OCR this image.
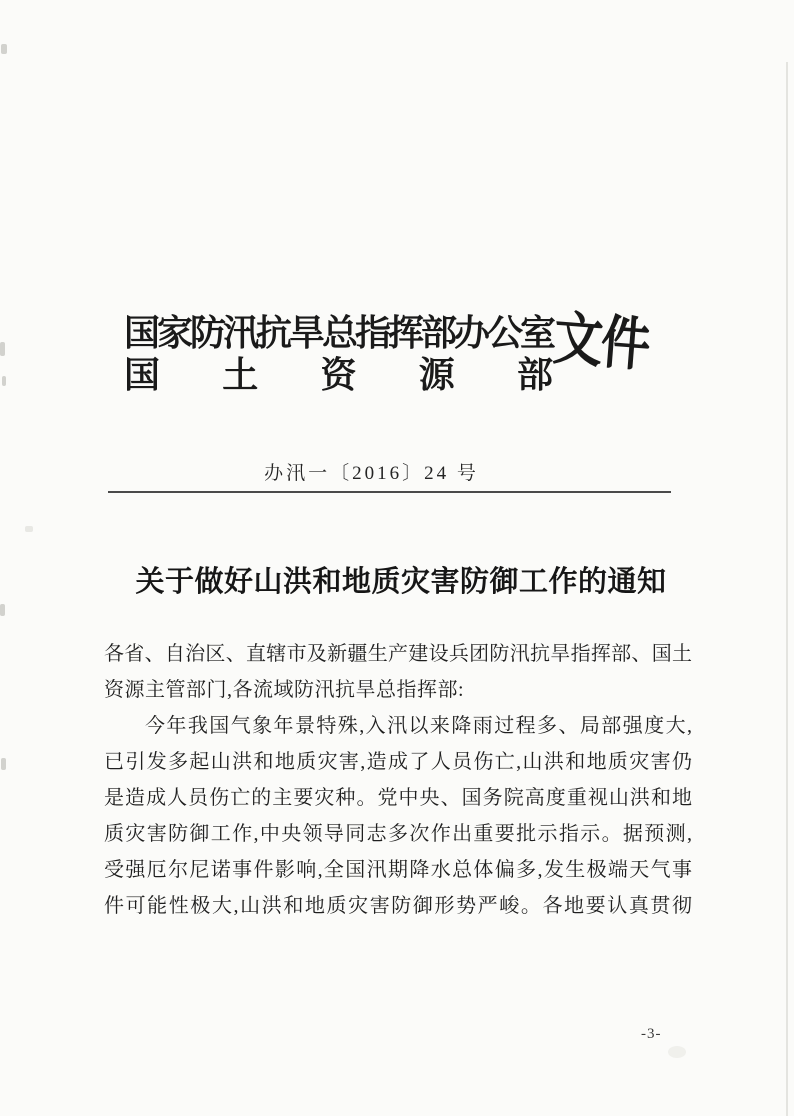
国家防汛抗旱总指挥部办公室
国 土 资 源 部
文件
办汛一〔2016〕24 号
关于做好山洪和地质灾害防御工作的通知
各省、自治区、直辖市及新疆生产建设兵团防汛抗旱指挥部、国土
资源主管部门,各流域防汛抗旱总指挥部:
今年我国气象年景特殊,入汛以来降雨过程多、局部强度大,
已引发多起山洪和地质灾害,造成了人员伤亡,山洪和地质灾害仍
是造成人员伤亡的主要灾种。党中央、国务院高度重视山洪和地
质灾害防御工作,中央领导同志多次作出重要批示指示。据预测,
受强厄尔尼诺事件影响,全国汛期降水总体偏多,发生极端天气事
件可能性极大,山洪和地质灾害防御形势严峻。各地要认真贯彻
-3-
